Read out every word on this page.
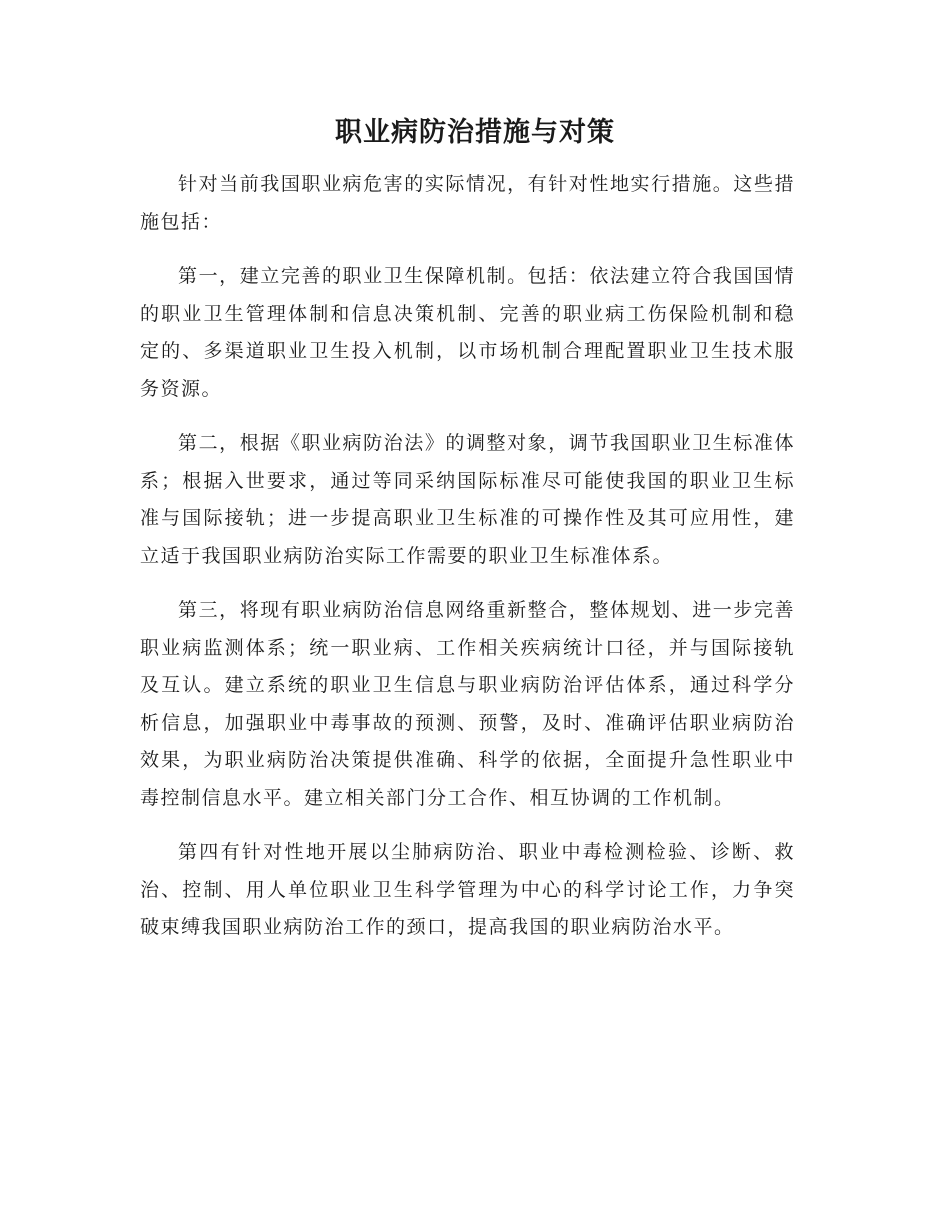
职业病防治措施与对策

针对当前我国职业病危害的实际情况，有针对性地实行措施。这些措施包括：

第一，建立完善的职业卫生保障机制。包括：依法建立符合我国国情的职业卫生管理体制和信息决策机制、完善的职业病工伤保险机制和稳定的、多渠道职业卫生投入机制，以市场机制合理配置职业卫生技术服务资源。

第二，根据《职业病防治法》的调整对象，调节我国职业卫生标准体系；根据入世要求，通过等同采纳国际标准尽可能使我国的职业卫生标准与国际接轨；进一步提高职业卫生标准的可操作性及其可应用性，建立适于我国职业病防治实际工作需要的职业卫生标准体系。

第三，将现有职业病防治信息网络重新整合，整体规划、进一步完善职业病监测体系；统一职业病、工作相关疾病统计口径，并与国际接轨及互认。建立系统的职业卫生信息与职业病防治评估体系，通过科学分析信息，加强职业中毒事故的预测、预警，及时、准确评估职业病防治效果，为职业病防治决策提供准确、科学的依据，全面提升急性职业中毒控制信息水平。建立相关部门分工合作、相互协调的工作机制。

第四有针对性地开展以尘肺病防治、职业中毒检测检验、诊断、救治、控制、用人单位职业卫生科学管理为中心的科学讨论工作，力争突破束缚我国职业病防治工作的颈口，提高我国的职业病防治水平。
